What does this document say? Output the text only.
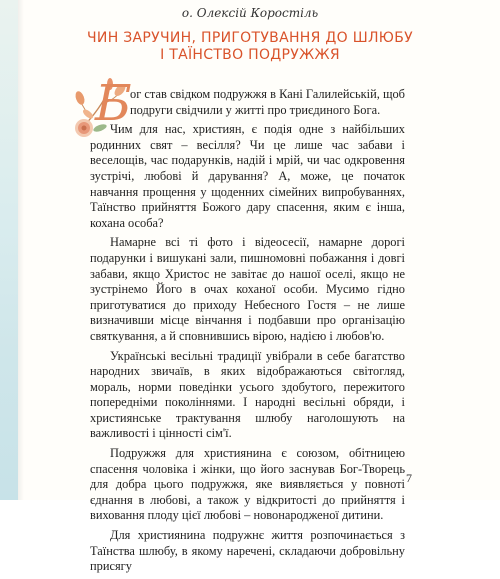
о. Олексій Коростіль
ЧИН ЗАРУЧИН, ПРИГОТУВАННЯ ДО ШЛЮБУ
І ТАЇНСТВО ПОДРУЖЖЯ
Б

ог став свідком подружжя в Кані Галилейській, щоб подруги свідчили у житті про триєдиного Бога.

Чим для нас, християн, є подія одне з найбільших родинних свят – весілля? Чи це лише час забави і веселощів, час подарунків, надій і мрій, чи час одкровення зустрічі, любові й дарування? А, може, це початок навчання прощення у щоденних сімейних випробуваннях, Таїнство прийняття Божого дару спасення, яким є інша, кохана особа?

Намарне всі ті фото і відеосесії, намарне дорогі подарунки і вишукані зали, пишномовні побажання і довгі забави, якщо Христос не завітає до нашої оселі, якщо не зустрінемо Його в очах коханої особи. Мусимо гідно приготуватися до приходу Небесного Гостя – не лише визначивши місце вінчання і подбавши про організацію святкування, а й сповнившись вірою, надією і любов'ю.

Українські весільні традиції увібрали в себе багатство народних звичаїв, в яких відображаються світогляд, мораль, норми поведінки усього здобутого, пережитого попередніми поколіннями. І народні весільні обряди, і християнське трактування шлюбу наголошують на важливості і цінності сім'ї.

Подружжя для християнина є союзом, обітницею спасення чоловіка і жінки, що його заснував Бог-Творець для добра цього подружжя, яке виявляється у повноті єднання в любові, а також у відкритості до прийняття і виховання плоду цієї любові – новонародженої дитини.

Для християнина подружнє життя розпочинається з Таїнства шлюбу, в якому наречені, складаючи добровільну присягу

7
